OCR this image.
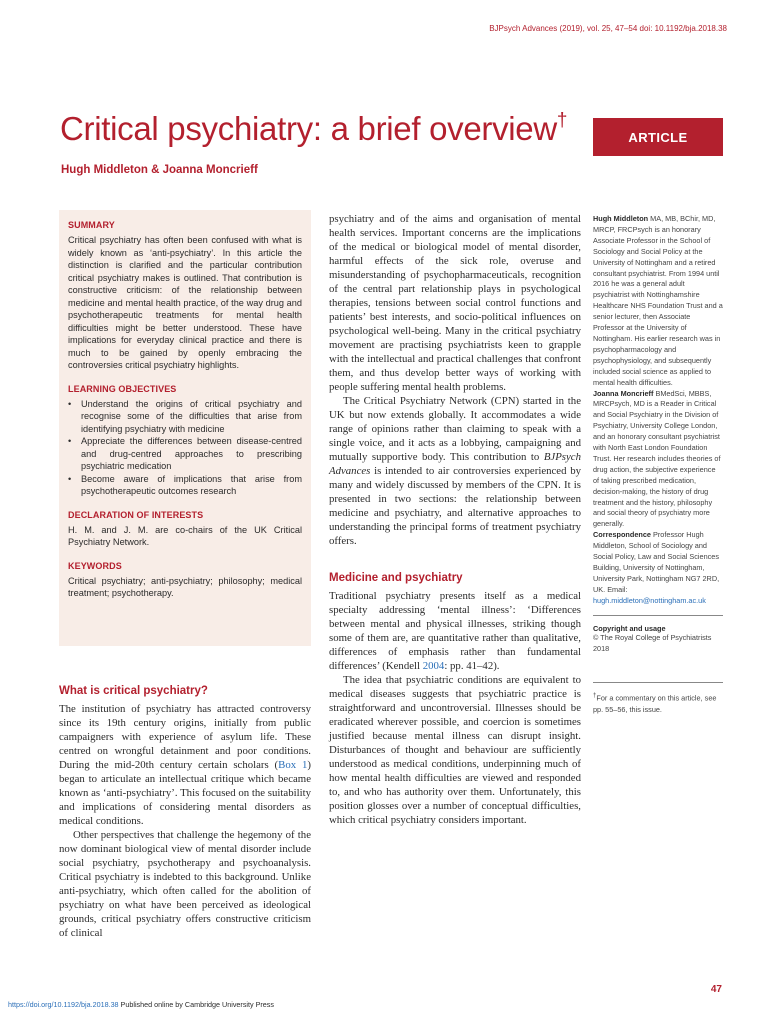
BJPsych Advances (2019), vol. 25, 47–54 doi: 10.1192/bja.2018.38
Critical psychiatry: a brief overview†
ARTICLE
Hugh Middleton & Joanna Moncrieff
SUMMARY

Critical psychiatry has often been confused with what is widely known as ‘anti-psychiatry’. In this article the distinction is clarified and the particular contribution critical psychiatry makes is outlined. That contribution is constructive criticism: of the relationship between medicine and mental health practice, of the way drug and psychotherapeutic treatments for mental health difficulties might be better understood. These have implications for everyday clinical practice and there is much to be gained by openly embracing the controversies critical psychiatry highlights.

LEARNING OBJECTIVES
• Understand the origins of critical psychiatry and recognise some of the difficulties that arise from identifying psychiatry with medicine
• Appreciate the differences between disease-centred and drug-centred approaches to prescribing psychiatric medication
• Become aware of implications that arise from psychotherapeutic outcomes research
DECLARATION OF INTERESTS

H. M. and J. M. are co-chairs of the UK Critical Psychiatry Network.

KEYWORDS

Critical psychiatry; anti-psychiatry; philosophy; medical treatment; psychotherapy.

What is critical psychiatry?

The institution of psychiatry has attracted controversy since its 19th century origins, initially from public campaigners with experience of asylum life. These centred on wrongful detainment and poor conditions. During the mid-20th century certain scholars (Box 1) began to articulate an intellectual critique which became known as ‘anti-psychiatry’. This focused on the suitability and implications of considering mental disorders as medical conditions.

Other perspectives that challenge the hegemony of the now dominant biological view of mental disorder include social psychiatry, psychotherapy and psychoanalysis. Critical psychiatry is indebted to this background. Unlike anti-psychiatry, which often called for the abolition of psychiatry on what have been perceived as ideological grounds, critical psychiatry offers constructive criticism of clinical

psychiatry and of the aims and organisation of mental health services. Important concerns are the implications of the medical or biological model of mental disorder, harmful effects of the sick role, overuse and misunderstanding of psychopharmaceuticals, recognition of the central part relationship plays in psychological therapies, tensions between social control functions and patients’ best interests, and socio-political influences on psychological well-being. Many in the critical psychiatry movement are practising psychiatrists keen to grapple with the intellectual and practical challenges that confront them, and thus develop better ways of working with people suffering mental health problems.

The Critical Psychiatry Network (CPN) started in the UK but now extends globally. It accommodates a wide range of opinions rather than claiming to speak with a single voice, and it acts as a lobbying, campaigning and mutually supportive body. This contribution to BJPsych Advances is intended to air controversies experienced by many and widely discussed by members of the CPN. It is presented in two sections: the relationship between medicine and psychiatry, and alternative approaches to understanding the principal forms of treatment psychiatry offers.

Medicine and psychiatry

Traditional psychiatry presents itself as a medical specialty addressing ‘mental illness’: ‘Differences between mental and physical illnesses, striking though some of them are, are quantitative rather than qualitative, differences of emphasis rather than fundamental differences’ (Kendell 2004: pp. 41–42).

The idea that psychiatric conditions are equivalent to medical diseases suggests that psychiatric practice is straightforward and uncontroversial. Illnesses should be eradicated wherever possible, and coercion is sometimes justified because mental illness can disrupt insight. Disturbances of thought and behaviour are sufficiently understood as medical conditions, underpinning much of how mental health difficulties are viewed and responded to, and who has authority over them. Unfortunately, this position glosses over a number of conceptual difficulties, which critical psychiatry considers important.

Hugh Middleton MA, MB, BChir, MD, MRCP, FRCPsych is an honorary Associate Professor in the School of Sociology and Social Policy at the University of Nottingham and a retired consultant psychiatrist. From 1994 until 2016 he was a general adult psychiatrist with Nottinghamshire Healthcare NHS Foundation Trust and a senior lecturer, then Associate Professor at the University of Nottingham. His earlier research was in psychopharmacology and psychophysiology, and subsequently included social science as applied to mental health difficulties.

Joanna Moncrieff BMedSci, MBBS, MRCPsych, MD is a Reader in Critical and Social Psychiatry in the Division of Psychiatry, University College London, and an honorary consultant psychiatrist with North East London Foundation Trust. Her research includes theories of drug action, the subjective experience of taking prescribed medication, decision-making, the history of drug treatment and the history, philosophy and social theory of psychiatry more generally.

Correspondence Professor Hugh Middleton, School of Sociology and Social Policy, Law and Social Sciences Building, University of Nottingham, University Park, Nottingham NG7 2RD, UK. Email: hugh.middleton@nottingham.ac.uk

Copyright and usage

© The Royal College of Psychiatrists 2018

†For a commentary on this article, see pp. 55–56, this issue.

47
https://doi.org/10.1192/bja.2018.38 Published online by Cambridge University Press
